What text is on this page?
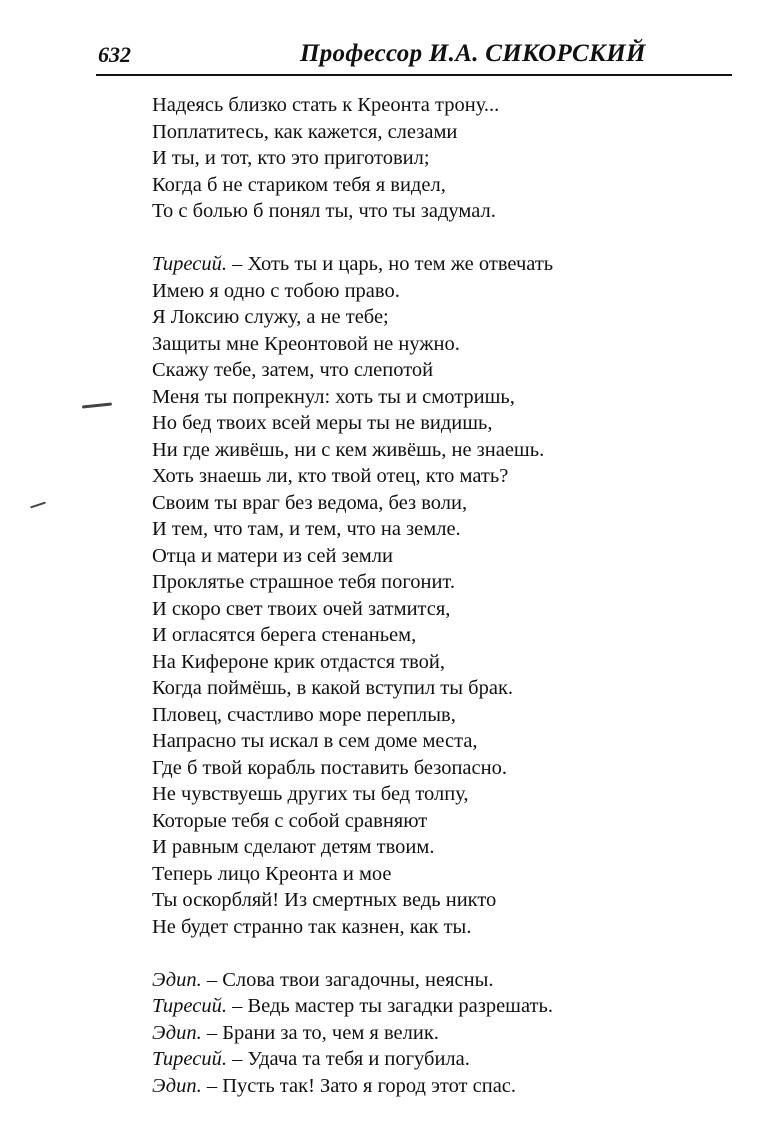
632	Профессор И.А. СИКОРСКИЙ
Надеясь близко стать к Креонта трону...
Поплатитесь, как кажется, слезами
И ты, и тот, кто это приготовил;
Когда б не стариком тебя я видел,
То с болью б понял ты, что ты задумал.
Тиресий. – Хоть ты и царь, но тем же отвечать
Имею я одно с тобою право.
Я Локсию служу, а не тебе;
Защиты мне Креонтовой не нужно.
Скажу тебе, затем, что слепотой
Меня ты попрекнул: хоть ты и смотришь,
Но бед твоих всей меры ты не видишь,
Ни где живёшь, ни с кем живёшь, не знаешь.
Хоть знаешь ли, кто твой отец, кто мать?
Своим ты враг без ведома, без воли,
И тем, что там, и тем, что на земле.
Отца и матери из сей земли
Проклятье страшное тебя погонит.
И скоро свет твоих очей затмится,
И огласятся берега стенаньем,
На Кифероне крик отдастся твой,
Когда поймёшь, в какой вступил ты брак.
Пловец, счастливо море переплыв,
Напрасно ты искал в сем доме места,
Где б твой корабль поставить безопасно.
Не чувствуешь других ты бед толпу,
Которые тебя с собой сравняют
И равным сделают детям твоим.
Теперь лицо Креонта и мое
Ты оскорбляй! Из смертных ведь никто
Не будет странно так казнен, как ты.
Эдип. – Слова твои загадочны, неясны.
Тиресий. – Ведь мастер ты загадки разрешать.
Эдип. – Брани за то, чем я велик.
Тиресий. – Удача та тебя и погубила.
Эдип. – Пусть так! Зато я город этот спас.
